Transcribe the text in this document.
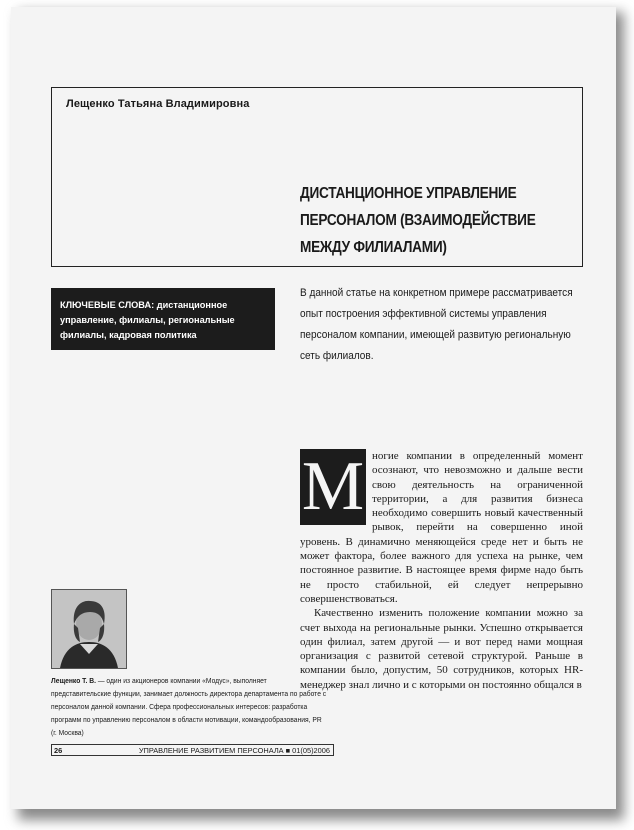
Лещенко Татьяна Владимировна
ДИСТАНЦИОННОЕ УПРАВЛЕНИЕ
ПЕРСОНАЛОМ (ВЗАИМОДЕЙСТВИЕ
МЕЖДУ ФИЛИАЛАМИ)
КЛЮЧЕВЫЕ СЛОВА: дистанционное управление, филиалы, региональные филиалы, кадровая политика
В данной статье на конкретном примере рассматривается опыт построения эффективной системы управления персоналом компании, имеющей развитую региональную сеть филиалов.
М ногие компании в определенный момент осознают, что невозможно и дальше вести свою деятельность на ограниченной территории, а для развития бизнеса необходимо совершить новый качественный рывок, перейти на совершенно иной уровень. В динамично меняющейся среде нет и быть не может фактора, более важного для успеха на рынке, чем постоянное развитие. В настоящее время фирме надо быть не просто стабильной, ей следует непрерывно совершенствоваться.

Качественно изменить положение компании можно за счет выхода на региональные рынки. Успешно открывается один филиал, затем другой — и вот перед нами мощная организация с развитой сетевой структурой. Раньше в компании было, допустим, 50 сотрудников, которых HR-менеджер знал лично и с которыми он постоянно общался в

Лещенко Т. В. — один из акционеров компании «Модус», выполняет представительские функции, занимает должность директора департамента по работе с персоналом данной компании. Сфера профессиональных интересов: разработка программ по управлению персоналом в области мотивации, командообразования, PR (г. Москва)
26	УПРАВЛЕНИЕ РАЗВИТИЕМ ПЕРСОНАЛА ■ 01(05)2006
